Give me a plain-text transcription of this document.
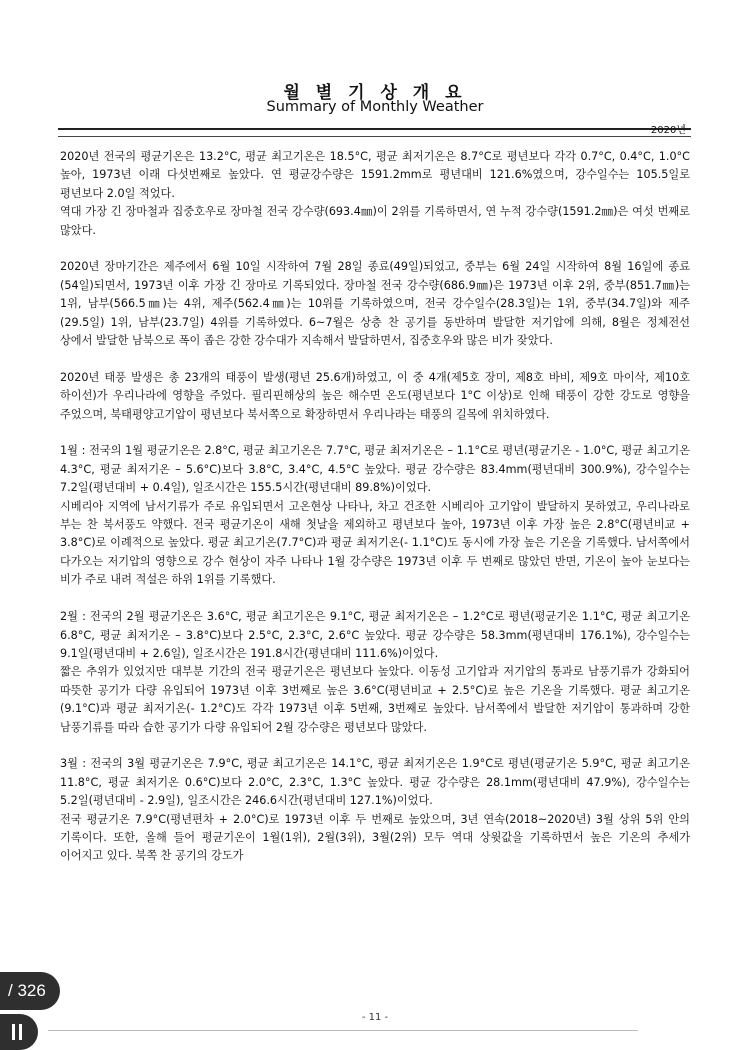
월 별 기 상 개 요
Summary of Monthly Weather
2020년

2020년 전국의 평균기온은 13.2°C, 평균 최고기온은 18.5°C, 평균 최저기온은 8.7°C로 평년보다 각각 0.7°C, 0.4°C, 1.0°C 높아, 1973년 이래 다섯번째로 높았다. 연 평균강수량은 1591.2mm로 평년대비 121.6%였으며, 강수일수는 105.5일로 평년보다 2.0일 적었다.

역대 가장 긴 장마철과 집중호우로 장마철 전국 강수량(693.4㎜)이 2위를 기록하면서, 연 누적 강수량(1591.2㎜)은 여섯 번째로 많았다.

2020년 장마기간은 제주에서 6월 10일 시작하여 7월 28일 종료(49일)되었고, 중부는 6월 24일 시작하여 8월 16일에 종료(54일)되면서, 1973년 이후 가장 긴 장마로 기록되었다. 장마철 전국 강수량(686.9㎜)은 1973년 이후 2위, 중부(851.7㎜)는 1위, 남부(566.5㎜)는 4위, 제주(562.4㎜)는 10위를 기록하였으며, 전국 강수일수(28.3일)는 1위, 중부(34.7일)와 제주(29.5일) 1위, 남부(23.7일) 4위를 기록하였다. 6~7월은 상층 찬 공기를 동반하며 발달한 저기압에 의해, 8월은 정체전선 상에서 발달한 남북으로 폭이 좁은 강한 강수대가 지속해서 발달하면서, 집중호우와 많은 비가 잦았다.

2020년 태풍 발생은 총 23개의 태풍이 발생(평년 25.6개)하였고, 이 중 4개(제5호 장미, 제8호 바비, 제9호 마이삭, 제10호 하이선)가 우리나라에 영향을 주었다. 필리핀해상의 높은 해수면 온도(평년보다 1°C 이상)로 인해 태풍이 강한 강도로 영향을 주었으며, 북태평양고기압이 평년보다 북서쪽으로 확장하면서 우리나라는 태풍의 길목에 위치하였다.

1월 : 전국의 1월 평균기온은 2.8°C, 평균 최고기온은 7.7°C, 평균 최저기온은 – 1.1°C로 평년(평균기온 - 1.0°C, 평균 최고기온 4.3°C, 평균 최저기온 – 5.6°C)보다 3.8°C, 3.4°C, 4.5°C 높았다. 평균 강수량은 83.4mm(평년대비 300.9%), 강수일수는 7.2일(평년대비 + 0.4일), 일조시간은 155.5시간(평년대비 89.8%)이었다.

시베리아 지역에 남서기류가 주로 유입되면서 고온현상 나타나, 차고 건조한 시베리아 고기압이 발달하지 못하였고, 우리나라로 부는 찬 북서풍도 약했다. 전국 평균기온이 새해 첫날을 제외하고 평년보다 높아, 1973년 이후 가장 높은 2.8°C(평년비교 + 3.8°C)로 이례적으로 높았다. 평균 최고기온(7.7°C)과 평균 최저기온(- 1.1°C)도 동시에 가장 높은 기온을 기록했다. 남서쪽에서 다가오는 저기압의 영향으로 강수 현상이 자주 나타나 1월 강수량은 1973년 이후 두 번째로 많았던 반면, 기온이 높아 눈보다는 비가 주로 내려 적설은 하위 1위를 기록했다.

2월 : 전국의 2월 평균기온은 3.6°C, 평균 최고기온은 9.1°C, 평균 최저기온은 – 1.2°C로 평년(평균기온 1.1°C, 평균 최고기온 6.8°C, 평균 최저기온 – 3.8°C)보다 2.5°C, 2.3°C, 2.6°C 높았다. 평균 강수량은 58.3mm(평년대비 176.1%), 강수일수는 9.1일(평년대비 + 2.6일), 일조시간은 191.8시간(평년대비 111.6%)이었다.

짧은 추위가 있었지만 대부분 기간의 전국 평균기온은 평년보다 높았다. 이동성 고기압과 저기압의 통과로 남풍기류가 강화되어 따뜻한 공기가 다량 유입되어 1973년 이후 3번째로 높은 3.6°C(평년비교 + 2.5°C)로 높은 기온을 기록했다. 평균 최고기온(9.1°C)과 평균 최저기온(- 1.2°C)도 각각 1973년 이후 5번째, 3번째로 높았다. 남서쪽에서 발달한 저기압이 통과하며 강한 남풍기류를 따라 습한 공기가 다량 유입되어 2월 강수량은 평년보다 많았다.

3월 : 전국의 3월 평균기온은 7.9°C, 평균 최고기온은 14.1°C, 평균 최저기온은 1.9°C로 평년(평균기온 5.9°C, 평균 최고기온 11.8°C, 평균 최저기온 0.6°C)보다 2.0°C, 2.3°C, 1.3°C 높았다. 평균 강수량은 28.1mm(평년대비 47.9%), 강수일수는 5.2일(평년대비 - 2.9일), 일조시간은 246.6시간(평년대비 127.1%)이었다.

전국 평균기온 7.9°C(평년편차 + 2.0°C)로 1973년 이후 두 번째로 높았으며, 3년 연속(2018~2020년) 3월 상위 5위 안의 기록이다. 또한, 올해 들어 평균기온이 1월(1위), 2월(3위), 3월(2위) 모두 역대 상윗값을 기록하면서 높은 기온의 추세가 이어지고 있다. 북쪽 찬 공기의 강도가

- 11 -
/ 326
